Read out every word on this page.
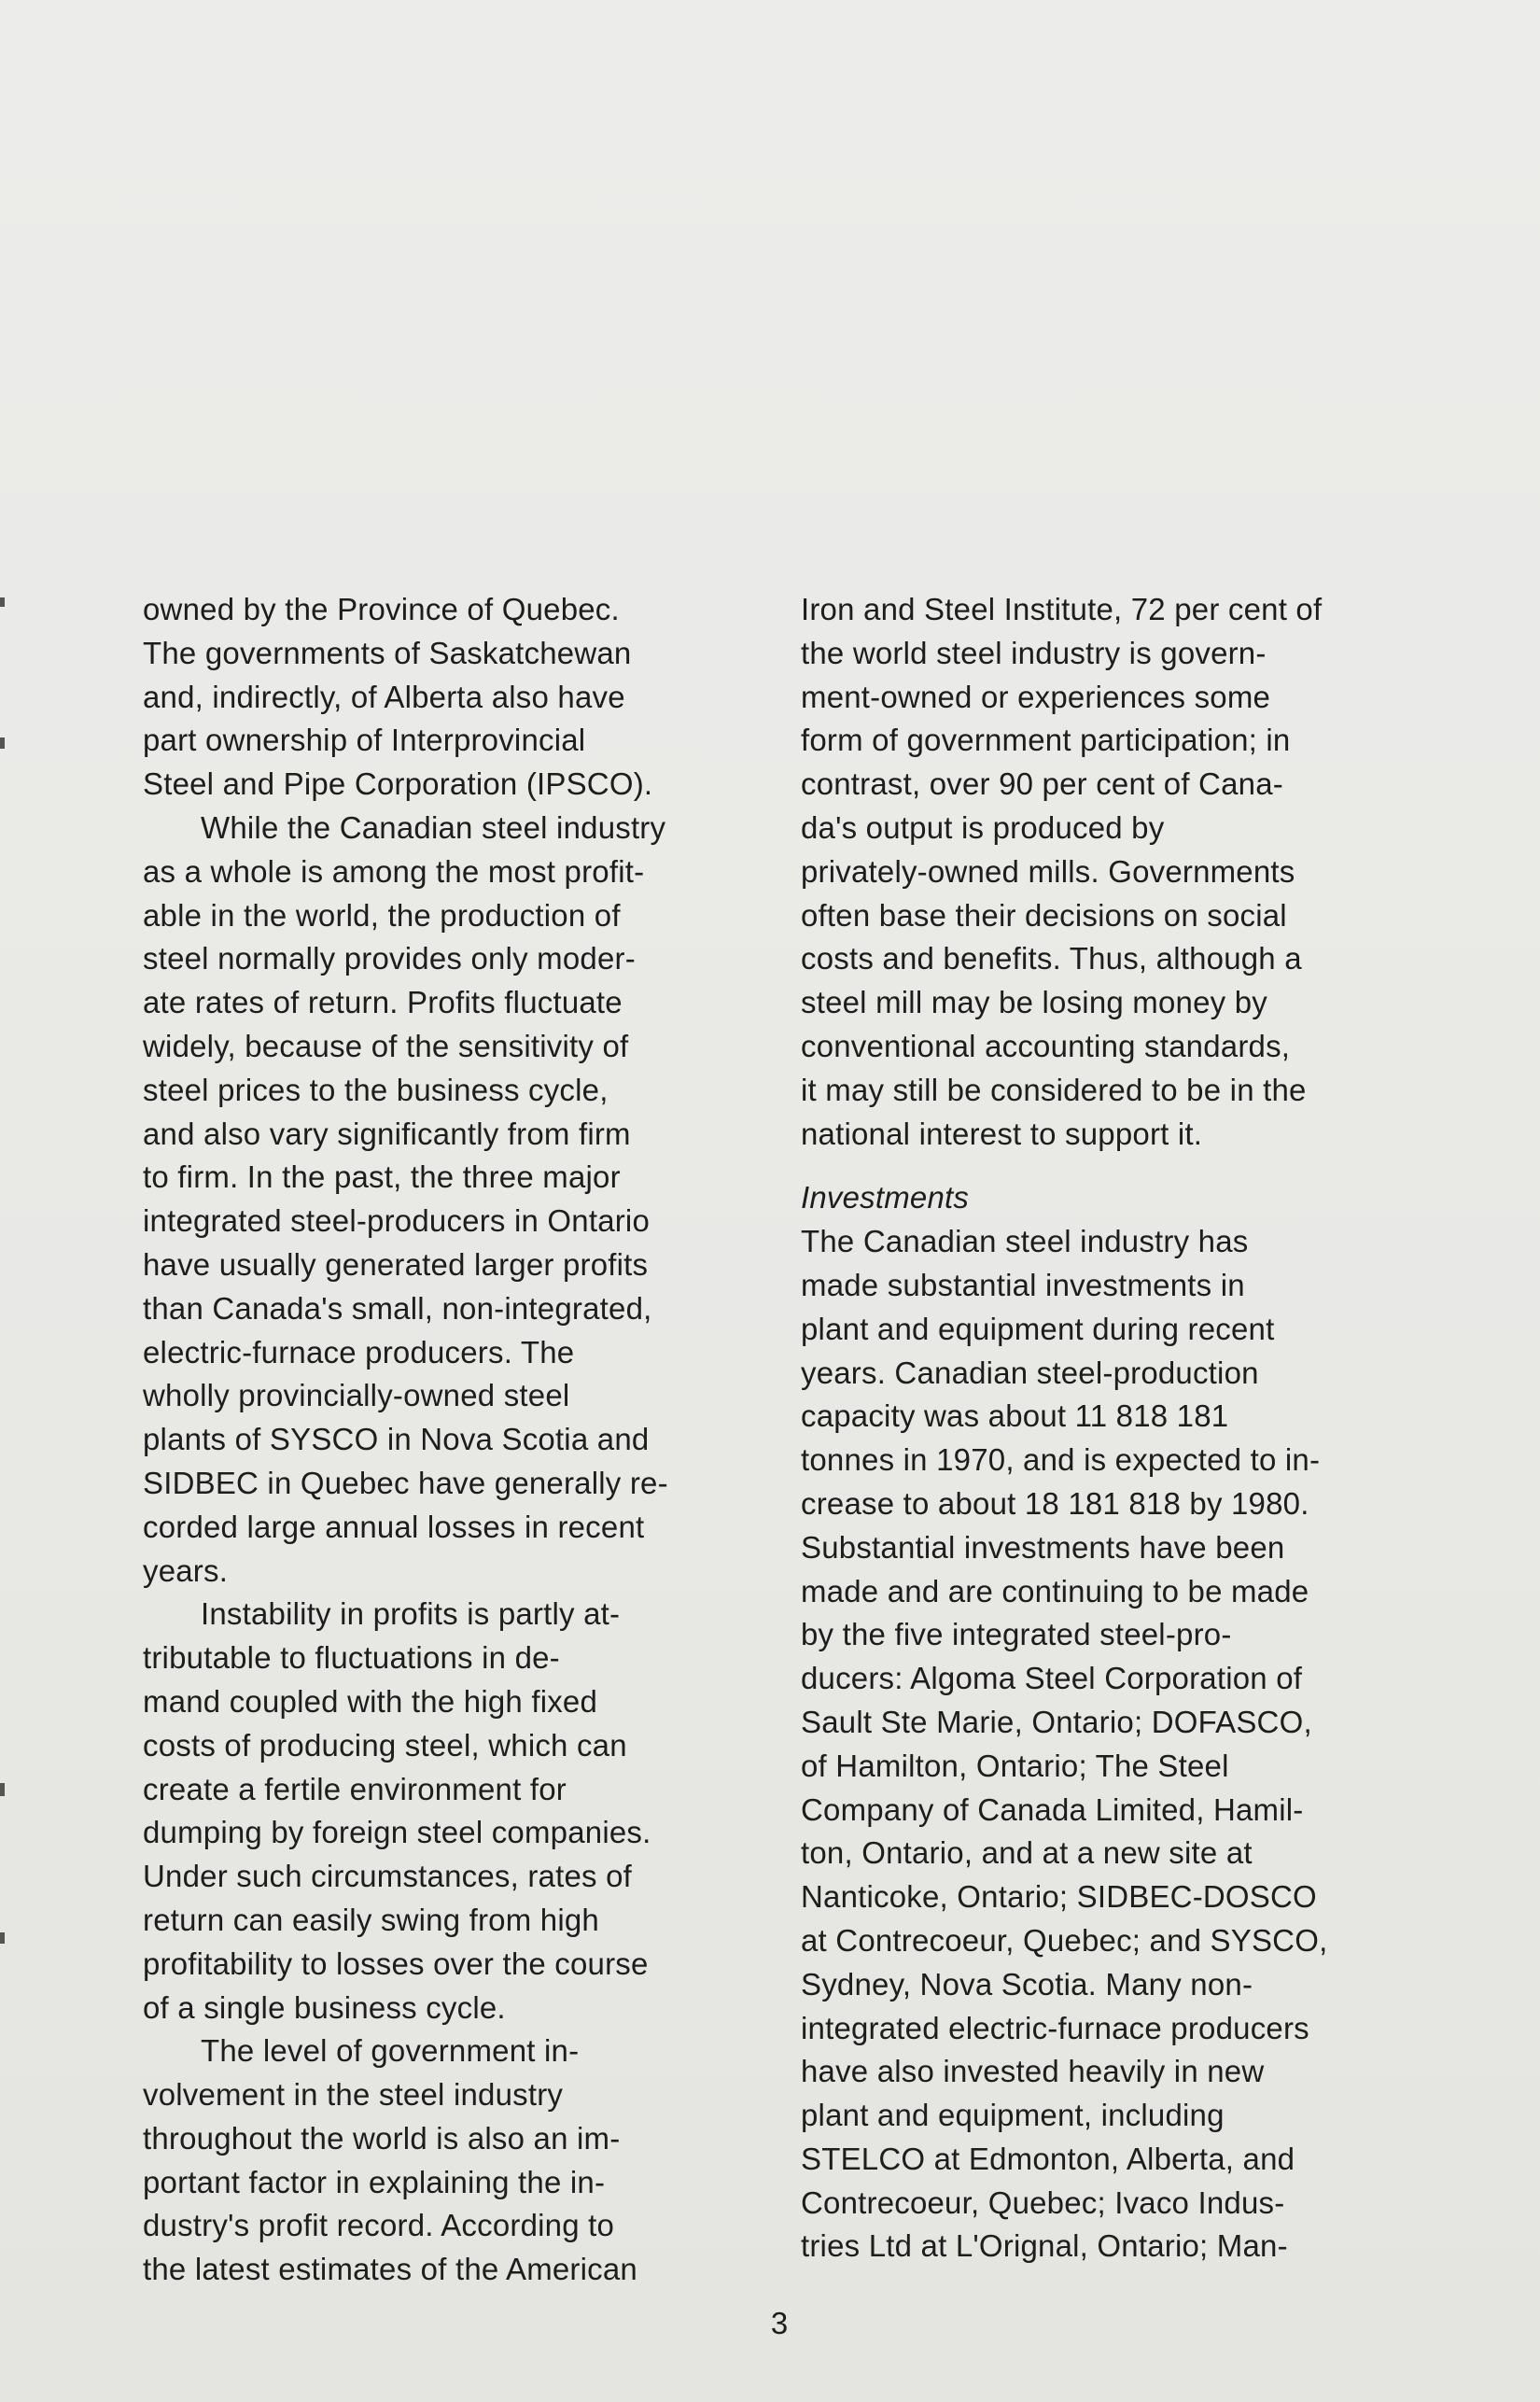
owned by the Province of Quebec.
The governments of Saskatchewan
and, indirectly, of Alberta also have
part ownership of Interprovincial
Steel and Pipe Corporation (IPSCO).

While the Canadian steel industry
as a whole is among the most profit-
able in the world, the production of
steel normally provides only moder-
ate rates of return. Profits fluctuate
widely, because of the sensitivity of
steel prices to the business cycle,
and also vary significantly from firm
to firm. In the past, the three major
integrated steel-producers in Ontario
have usually generated larger profits
than Canada's small, non-integrated,
electric-furnace producers. The
wholly provincially-owned steel
plants of SYSCO in Nova Scotia and
SIDBEC in Quebec have generally re-
corded large annual losses in recent
years.

Instability in profits is partly at-
tributable to fluctuations in de-
mand coupled with the high fixed
costs of producing steel, which can
create a fertile environment for
dumping by foreign steel companies.
Under such circumstances, rates of
return can easily swing from high
profitability to losses over the course
of a single business cycle.

The level of government in-
volvement in the steel industry
throughout the world is also an im-
portant factor in explaining the in-
dustry's profit record. According to
the latest estimates of the American

Iron and Steel Institute, 72 per cent of
the world steel industry is govern-
ment-owned or experiences some
form of government participation; in
contrast, over 90 per cent of Cana-
da's output is produced by
privately-owned mills. Governments
often base their decisions on social
costs and benefits. Thus, although a
steel mill may be losing money by
conventional accounting standards,
it may still be considered to be in the
national interest to support it.

Investments

The Canadian steel industry has
made substantial investments in
plant and equipment during recent
years. Canadian steel-production
capacity was about 11 818 181
tonnes in 1970, and is expected to in-
crease to about 18 181 818 by 1980.
Substantial investments have been
made and are continuing to be made
by the five integrated steel-pro-
ducers: Algoma Steel Corporation of
Sault Ste Marie, Ontario; DOFASCO,
of Hamilton, Ontario; The Steel
Company of Canada Limited, Hamil-
ton, Ontario, and at a new site at
Nanticoke, Ontario; SIDBEC-DOSCO
at Contrecoeur, Quebec; and SYSCO,
Sydney, Nova Scotia. Many non-
integrated electric-furnace producers
have also invested heavily in new
plant and equipment, including
STELCO at Edmonton, Alberta, and
Contrecoeur, Quebec; Ivaco Indus-
tries Ltd at L'Orignal, Ontario; Man-

3
